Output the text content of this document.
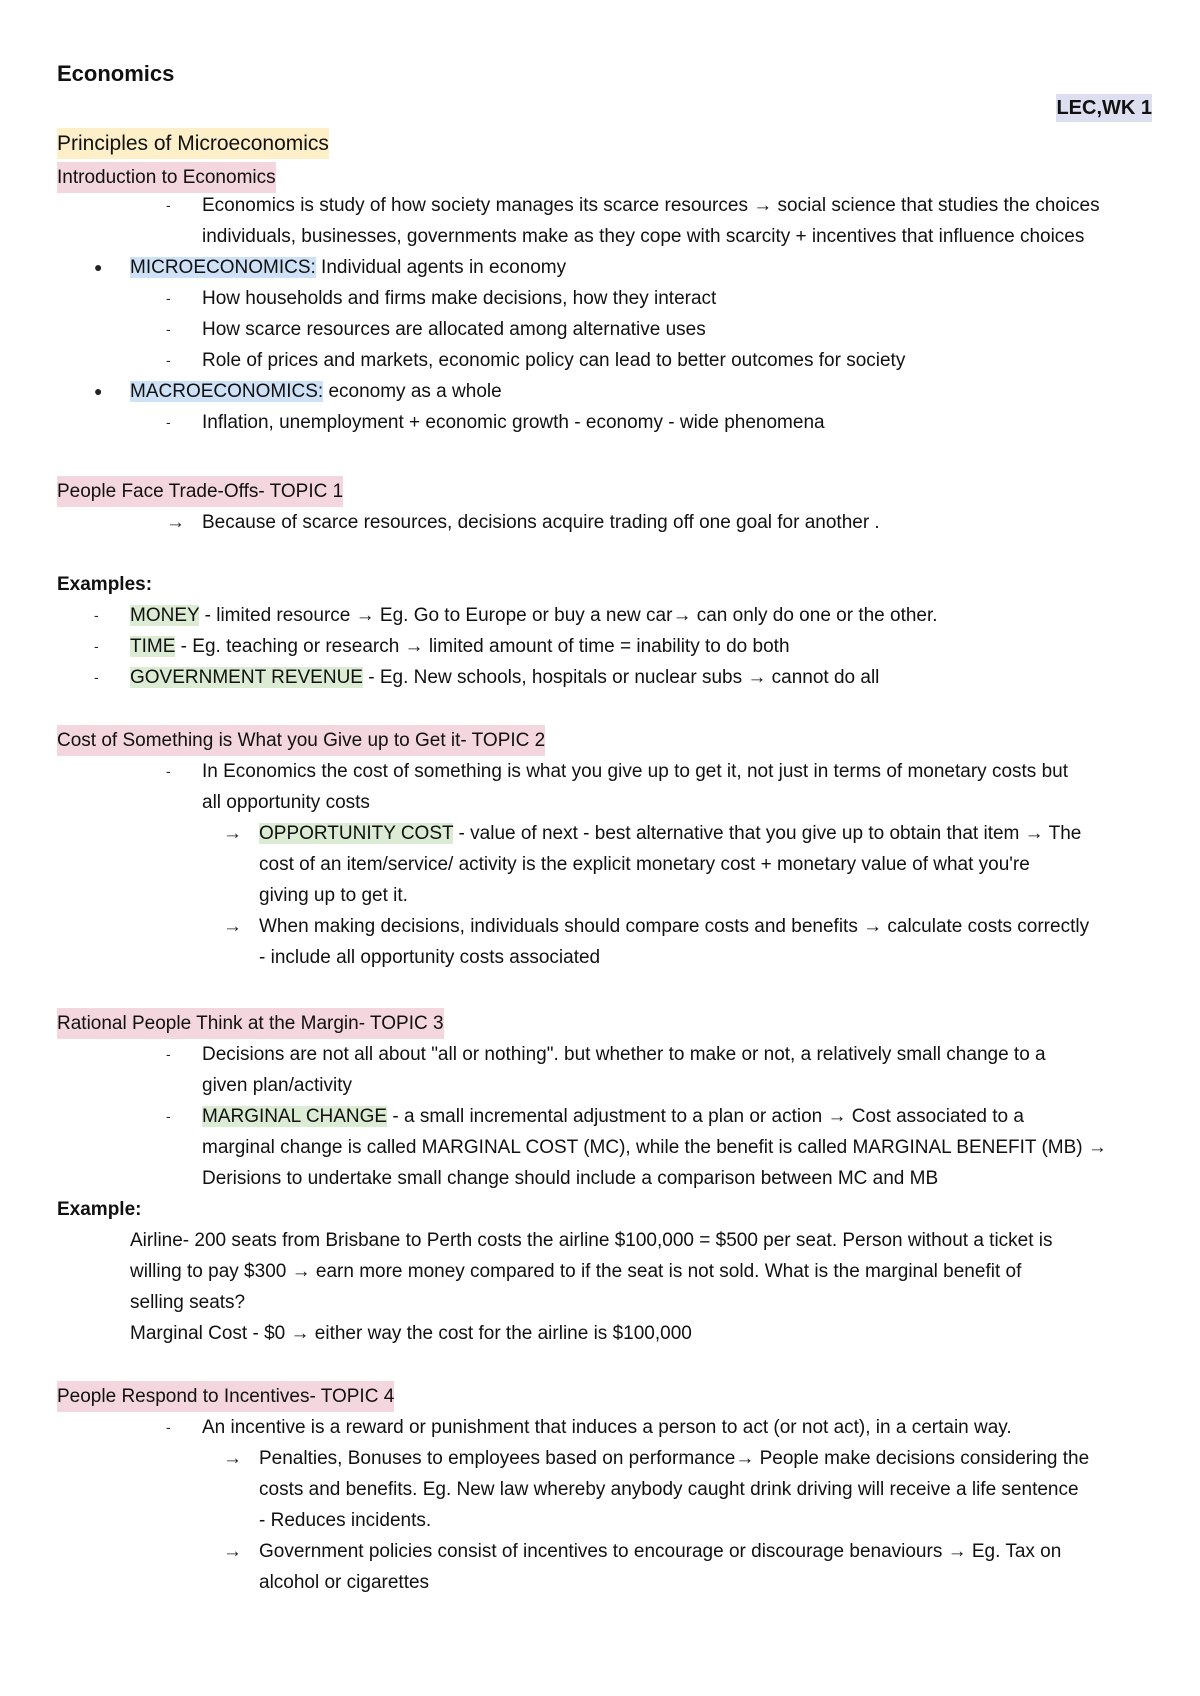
Economics
LEC,WK 1
Principles of Microeconomics
Introduction to Economics
- Economics is study of how society manages its scarce resources → social science that studies the choices
individuals, businesses, governments make as they cope with scarcity + incentives that influence choices
● MICROECONOMICS: Individual agents in economy
- How households and firms make decisions, how they interact
- How scarce resources are allocated among alternative uses
- Role of prices and markets, economic policy can lead to better outcomes for society
● MACROECONOMICS: economy as a whole
- Inflation, unemployment + economic growth - economy - wide phenomena
People Face Trade-Offs- TOPIC 1
→ Because of scarce resources, decisions acquire trading off one goal for another .
Examples:
- MONEY - limited resource → Eg. Go to Europe or buy a new car→ can only do one or the other.
- TIME - Eg. teaching or research → limited amount of time = inability to do both
- GOVERNMENT REVENUE - Eg. New schools, hospitals or nuclear subs → cannot do all
Cost of Something is What you Give up to Get it- TOPIC 2
- In Economics the cost of something is what you give up to get it, not just in terms of monetary costs but
all opportunity costs
→ OPPORTUNITY COST - value of next - best alternative that you give up to obtain that item → The
cost of an item/service/ activity is the explicit monetary cost + monetary value of what you're
giving up to get it.
→ When making decisions, individuals should compare costs and benefits → calculate costs correctly
- include all opportunity costs associated
Rational People Think at the Margin- TOPIC 3
- Decisions are not all about "all or nothing". but whether to make or not, a relatively small change to a
given plan/activity
- MARGINAL CHANGE - a small incremental adjustment to a plan or action → Cost associated to a
marginal change is called MARGINAL COST (MC), while the benefit is called MARGINAL BENEFIT (MB) →
Derisions to undertake small change should include a comparison between MC and MB
Example:
Airline- 200 seats from Brisbane to Perth costs the airline $100,000 = $500 per seat. Person without a ticket is
willing to pay $300 → earn more money compared to if the seat is not sold. What is the marginal benefit of
selling seats?
Marginal Cost - $0 → either way the cost for the airline is $100,000
People Respond to Incentives- TOPIC 4
- An incentive is a reward or punishment that induces a person to act (or not act), in a certain way.
→ Penalties, Bonuses to employees based on performance→ People make decisions considering the
costs and benefits. Eg. New law whereby anybody caught drink driving will receive a life sentence
- Reduces incidents.
→ Government policies consist of incentives to encourage or discourage benaviours → Eg. Tax on
alcohol or cigarettes
